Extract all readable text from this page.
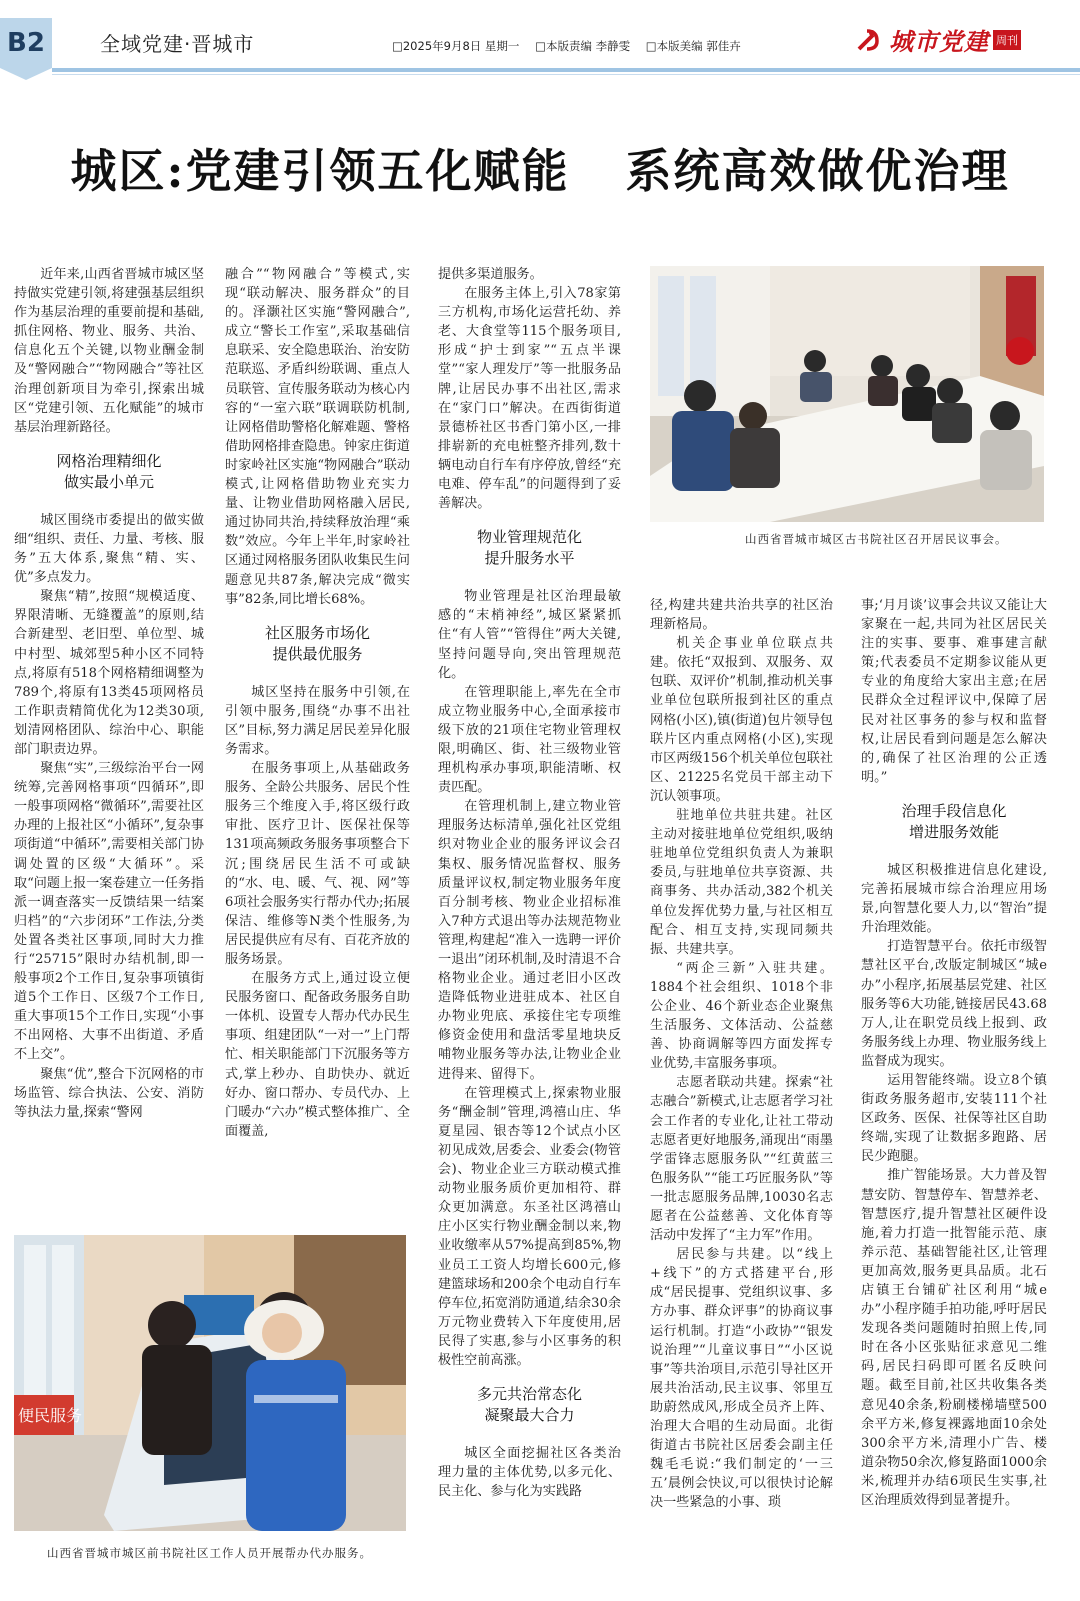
B2	全域党建·晋城市	□2025年9月8日 星期一 □本版责编 李静雯 □本版美编 郭佳卉	城市党建 周刊
城区:党建引领五化赋能 系统高效做优治理

近年来,山西省晋城市城区坚持做实党建引领,将建强基层组织作为基层治理的重要前提和基础,抓住网格、物业、服务、共治、信息化五个关键,以物业酬金制及“警网融合”“物网融合”等社区治理创新项目为牵引,探索出城区“党建引领、五化赋能”的城市基层治理新路径。

网格治理精细化
做实最小单元

城区围绕市委提出的做实做细“组织、责任、力量、考核、服务”五大体系,聚焦“精、实、优”多点发力。

聚焦“精”,按照“规模适度、界限清晰、无缝覆盖”的原则,结合新建型、老旧型、单位型、城中村型、城郊型5种小区不同特点,将原有518个网格精细调整为789个,将原有13类45项网格员工作职责精简优化为12类30项,划清网格团队、综治中心、职能部门职责边界。

聚焦“实”,三级综治平台一网统筹,完善网格事项“四循环”,即一般事项网格“微循环”,需要社区办理的上报社区“小循环”,复杂事项街道“中循环”,需要相关部门协调处置的区级“大循环”。采取“问题上报一案卷建立一任务指派一调查落实一反馈结果一结案归档”的“六步闭环”工作法,分类处置各类社区事项,同时大力推行“25715”限时办结机制,即一般事项2个工作日,复杂事项镇街道5个工作日、区级7个工作日,重大事项15个工作日,实现“小事不出网格、大事不出街道、矛盾不上交”。

聚焦“优”,整合下沉网格的市场监管、综合执法、公安、消防等执法力量,探索“警网

融合”“物网融合”等模式,实现“联动解决、服务群众”的目的。泽灏社区实施“警网融合”,成立“警长工作室”,采取基础信息联采、安全隐患联治、治安防范联巡、矛盾纠纷联调、重点人员联管、宣传服务联动为核心内容的“一室六联”联调联防机制,让网格借助警格化解难题、警格借助网格排查隐患。钟家庄街道时家岭社区实施“物网融合”联动模式,让网格借助物业充实力量、让物业借助网格融入居民,通过协同共治,持续释放治理“乘数”效应。今年上半年,时家岭社区通过网格服务团队收集民生问题意见共87条,解决完成“微实事”82条,同比增长68%。

社区服务市场化
提供最优服务

城区坚持在服务中引领,在引领中服务,围绕“办事不出社区”目标,努力满足居民差异化服务需求。

在服务事项上,从基础政务服务、全龄公共服务、居民个性服务三个维度入手,将区级行政审批、医疗卫计、医保社保等131项高频政务服务事项整合下沉;围绕居民生活不可或缺的“水、电、暖、气、视、网”等6项社会服务实行帮办代办;拓展保洁、维修等N类个性服务,为居民提供应有尽有、百花齐放的服务场景。

在服务方式上,通过设立便民服务窗口、配备政务服务自助一体机、设置专人帮办代办民生事项、组建团队“一对一”上门帮忙、相关职能部门下沉服务等方式,掌上秒办、自助快办、就近好办、窗口帮办、专员代办、上门暖办“六办”模式整体推广、全面覆盖,

提供多渠道服务。

在服务主体上,引入78家第三方机构,市场化运营托幼、养老、大食堂等115个服务项目,形成“护士到家”“五点半课堂”“家人理发厅”等一批服务品牌,让居民办事不出社区,需求在“家门口”解决。在西街街道景德桥社区书香门第小区,一排排崭新的充电桩整齐排列,数十辆电动自行车有序停放,曾经“充电难、停车乱”的问题得到了妥善解决。

物业管理规范化
提升服务水平

物业管理是社区治理最敏感的“末梢神经”,城区紧紧抓住“有人管”“管得住”两大关键,坚持问题导向,突出管理规范化。

在管理职能上,率先在全市成立物业服务中心,全面承接市级下放的21项住宅物业管理权限,明确区、街、社三级物业管理机构承办事项,职能清晰、权责匹配。

在管理机制上,建立物业管理服务达标清单,强化社区党组织对物业企业的服务评议会召集权、服务情况监督权、服务质量评议权,制定物业服务年度百分制考核、物业企业招标准入7种方式退出等办法规范物业管理,构建起“准入一选聘一评价一退出”闭环机制,及时清退不合格物业企业。通过老旧小区改造降低物业进驻成本、社区自办物业兜底、承接住宅专项维修资金使用和盘活零星地块反哺物业服务等办法,让物业企业进得来、留得下。

在管理模式上,探索物业服务“酬金制”管理,鸿禧山庄、华夏星园、银杏等12个试点小区初见成效,居委会、业委会(物管会)、物业企业三方联动模式推动物业服务质价更加相符、群众更加满意。东圣社区鸿禧山庄小区实行物业酬金制以来,物业收缴率从57%提高到85%,物业员工工资人均增长600元,修建篮球场和200余个电动自行车停车位,拓宽消防通道,结余30余万元物业费转入下年度使用,居民得了实惠,参与小区事务的积极性空前高涨。

多元共治常态化
凝聚最大合力

城区全面挖掘社区各类治理力量的主体优势,以多元化、民主化、参与化为实践路

径,构建共建共治共享的社区治理新格局。

机关企事业单位联点共建。依托“双报到、双服务、双包联、双评价”机制,推动机关事业单位包联所报到社区的重点网格(小区),镇(街道)包片领导包联片区内重点网格(小区),实现市区两级156个机关单位包联社区、21225名党员干部主动下沉认领事项。

驻地单位共驻共建。社区主动对接驻地单位党组织,吸纳驻地单位党组织负责人为兼职委员,与驻地单位共享资源、共商事务、共办活动,382个机关单位发挥优势力量,与社区相互配合、相互支持,实现同频共振、共建共享。

“两企三新”入驻共建。1884个社会组织、1018个非公企业、46个新业态企业聚焦生活服务、文体活动、公益慈善、协商调解等四方面发挥专业优势,丰富服务事项。

志愿者联动共建。探索“社志融合”新模式,让志愿者学习社会工作者的专业化,让社工带动志愿者更好地服务,涌现出“雨墨学雷锋志愿服务队”“红黄蓝三色服务队”“能工巧匠服务队”等一批志愿服务品牌,10030名志愿者在公益慈善、文化体育等活动中发挥了“主力军”作用。

居民参与共建。以“线上+线下”的方式搭建平台,形成“居民提事、党组织议事、多方办事、群众评事”的协商议事运行机制。打造“小政协”“银发说治理”“儿童议事日”“小区说事”等共治项目,示范引导社区开展共治活动,民主议事、邻里互助蔚然成风,形成全员齐上阵、治理大合唱的生动局面。北街街道古书院社区居委会副主任魏毛毛说:“我们制定的‘一三五’晨例会快议,可以很快讨论解决一些紧急的小事、琐

事;‘月月谈’议事会共议又能让大家聚在一起,共同为社区居民关注的实事、要事、难事建言献策;代表委员不定期参议能从更专业的角度给大家出主意;在居民群众全过程评议中,保障了居民对社区事务的参与权和监督权,让居民看到问题是怎么解决的,确保了社区治理的公正透明。”

治理手段信息化
增进服务效能

城区积极推进信息化建设,完善拓展城市综合治理应用场景,向智慧化要人力,以“智治”提升治理效能。

打造智慧平台。依托市级智慧社区平台,改版定制城区“城e办”小程序,拓展基层党建、社区服务等6大功能,链接居民43.68万人,让在职党员线上报到、政务服务线上办理、物业服务线上监督成为现实。

运用智能终端。设立8个镇街政务服务超市,安装111个社区政务、医保、社保等社区自助终端,实现了让数据多跑路、居民少跑腿。

推广智能场景。大力普及智慧安防、智慧停车、智慧养老、智慧医疗,提升智慧社区硬件设施,着力打造一批智能示范、康养示范、基础智能社区,让管理更加高效,服务更具品质。北石店镇王台铺矿社区利用“城e办”小程序随手拍功能,呼吁居民发现各类问题随时拍照上传,同时在各小区张贴征求意见二维码,居民扫码即可匿名反映问题。截至目前,社区共收集各类意见40余条,粉刷楼梯墙壁500余平方米,修复裸露地面10余处300余平方米,清理小广告、楼道杂物50余次,修复路面1000余米,梳理并办结6项民生实事,社区治理质效得到显著提升。

山西省晋城市城区古书院社区召开居民议事会。
便民服务
山西省晋城市城区前书院社区工作人员开展帮办代办服务。
